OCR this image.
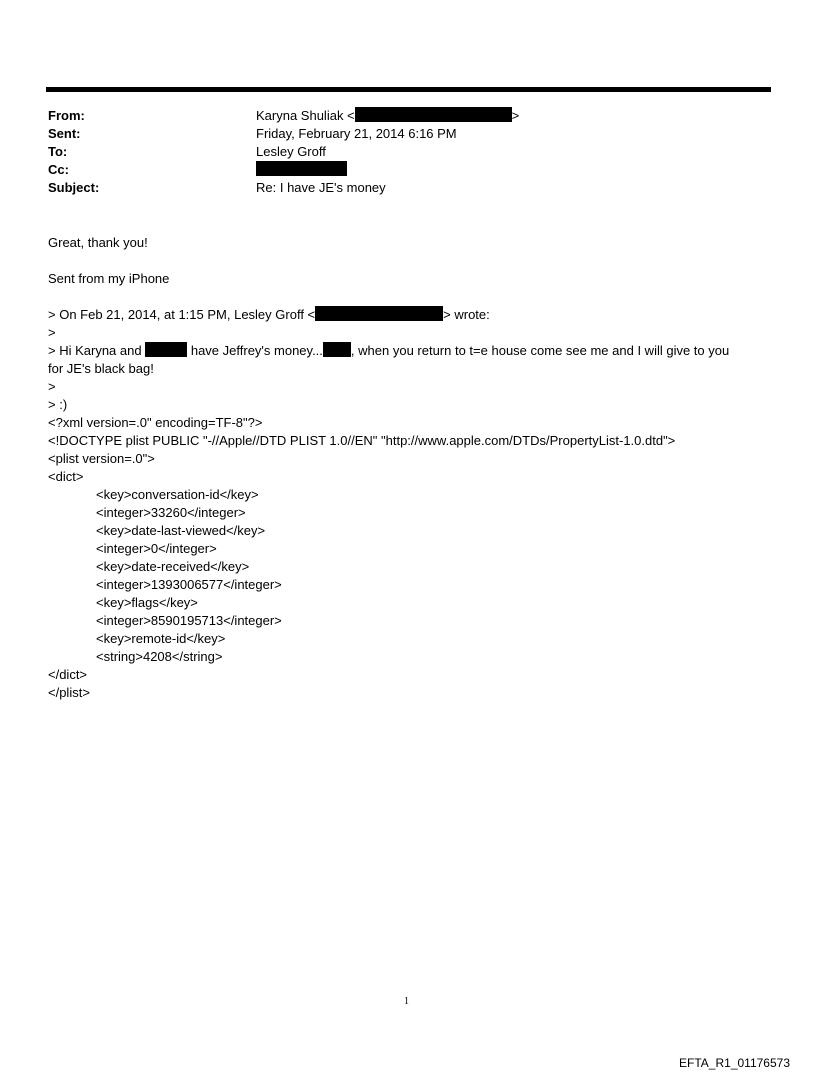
From:	Karyna Shuliak <	>
Sent:	Friday, February 21, 2014 6:16 PM
To:	Lesley Groff
Cc:
Subject:	Re: I have JE's money
Great, thank you!
Sent from my iPhone
> On Feb 21, 2014, at 1:15 PM, Lesley Groff <	> wrote:
>
> Hi Karyna and	have Jeffrey's money... , when you return to t=e house come see me and I will give to you
for JE's black bag!
>
> :)
<?xml version=.0" encoding=TF-8"?>
<!DOCTYPE plist PUBLIC "-//Apple//DTD PLIST 1.0//EN" "http://www.apple.com/DTDs/PropertyList-1.0.dtd">
<plist version=.0">
<dict>
<key>conversation-id</key>
<integer>33260</integer>
<key>date-last-viewed</key>
<integer>0</integer>
<key>date-received</key>
<integer>1393006577</integer>
<key>flags</key>
<integer>8590195713</integer>
<key>remote-id</key>
<string>4208</string>
</dict>
</plist>
1
EFTA_R1_01176573
